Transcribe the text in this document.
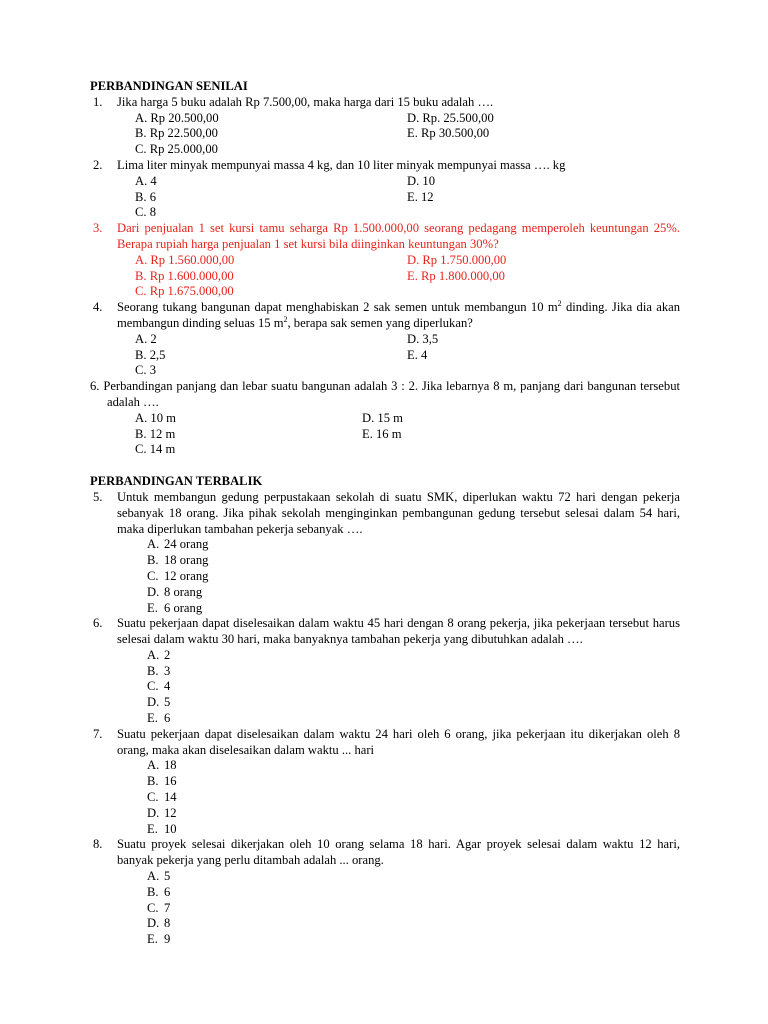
PERBANDINGAN SENILAI
1. Jika harga 5 buku adalah Rp 7.500,00, maka harga dari 15 buku adalah ….
A. Rp 20.500,00	D. Rp. 25.500,00
B. Rp 22.500,00	E. Rp 30.500,00
C. Rp 25.000,00
2. Lima liter minyak mempunyai massa 4 kg, dan 10 liter minyak mempunyai massa …. kg
A. 4	D. 10
B. 6	E. 12
C. 8
3. Dari penjualan 1 set kursi tamu seharga Rp 1.500.000,00 seorang pedagang memperoleh keuntungan 25%. Berapa rupiah harga penjualan 1 set kursi bila diinginkan keuntungan 30%?
A. Rp 1.560.000,00	D. Rp 1.750.000,00
B. Rp 1.600.000,00	E. Rp 1.800.000,00
C. Rp 1.675.000,00
4. Seorang tukang bangunan dapat menghabiskan 2 sak semen untuk membangun 10 $m^2$ dinding. Jika dia akan membangun dinding seluas 15 $m^2$, berapa sak semen yang diperlukan?
A. 2	D. 3,5
B. 2,5	E. 4
C. 3
6. Perbandingan panjang dan lebar suatu bangunan adalah 3 : 2. Jika lebarnya 8 m, panjang dari bangunan tersebut adalah ….
A. 10 m	D. 15 m
B. 12 m	E. 16 m
C. 14 m
PERBANDINGAN TERBALIK
5. Untuk membangun gedung perpustakaan sekolah di suatu SMK, diperlukan waktu 72 hari dengan pekerja sebanyak 18 orang. Jika pihak sekolah menginginkan pembangunan gedung tersebut selesai dalam 54 hari, maka diperlukan tambahan pekerja sebanyak ….
A. 24 orang
B. 18 orang
C. 12 orang
D. 8 orang
E. 6 orang
6. Suatu pekerjaan dapat diselesaikan dalam waktu 45 hari dengan 8 orang pekerja, jika pekerjaan tersebut harus selesai dalam waktu 30 hari, maka banyaknya tambahan pekerja yang dibutuhkan adalah ….
A. 2
B. 3
C. 4
D. 5
E. 6
7. Suatu pekerjaan dapat diselesaikan dalam waktu 24 hari oleh 6 orang, jika pekerjaan itu dikerjakan oleh 8 orang, maka akan diselesaikan dalam waktu ... hari
A. 18
B. 16
C. 14
D. 12
E. 10
8. Suatu proyek selesai dikerjakan oleh 10 orang selama 18 hari. Agar proyek selesai dalam waktu 12 hari, banyak pekerja yang perlu ditambah adalah ... orang.
A. 5
B. 6
C. 7
D. 8
E. 9
